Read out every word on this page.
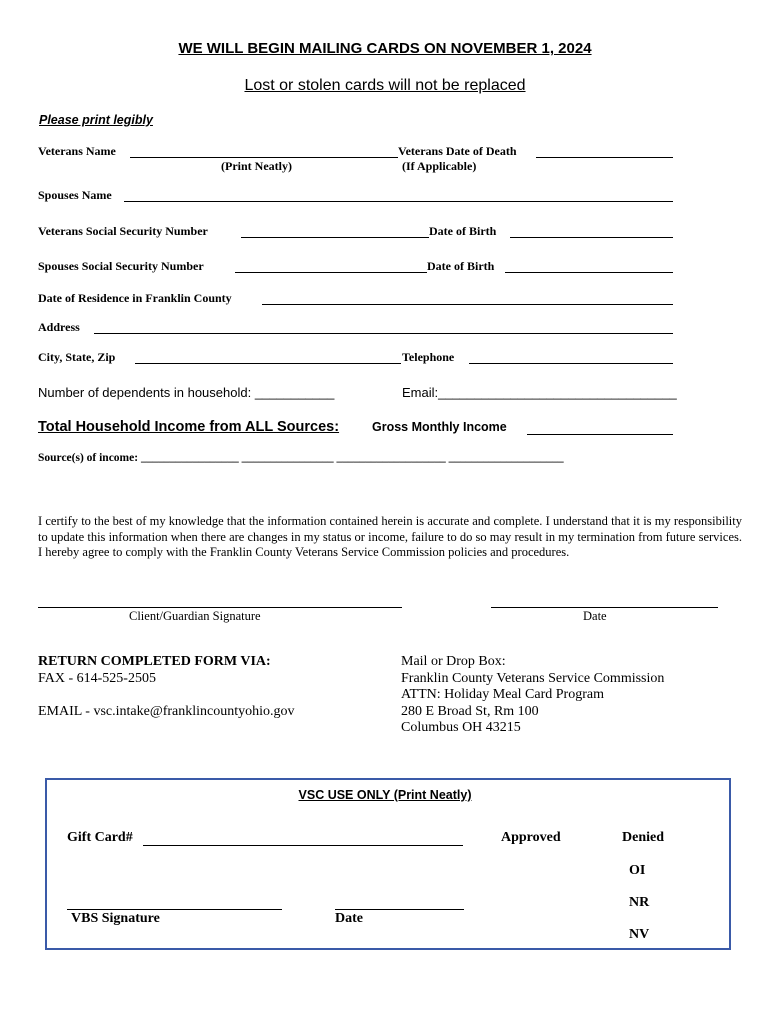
WE WILL BEGIN MAILING CARDS ON NOVEMBER 1, 2024
Lost or stolen cards will not be replaced
Please print legibly
Veterans Name	Veterans Date of Death
(Print Neatly)	(If Applicable)
Spouses Name
Veterans Social Security Number	Date of Birth
Spouses Social Security Number	Date of Birth
Date of Residence in Franklin County
Address
City, State, Zip	Telephone
Number of dependents in household: ___________	Email:_________________________________
Total Household Income from ALL Sources:	Gross Monthly Income
Source(s) of income: _________________ ________________ ___________________ ____________________
I certify to the best of my knowledge that the information contained herein is accurate and complete. I understand that it is my responsibility to update this information when there are changes in my status or income, failure to do so may result in my termination from future services. I hereby agree to comply with the Franklin County Veterans Service Commission policies and procedures.
Client/Guardian Signature	Date
RETURN COMPLETED FORM VIA:
FAX - 614-525-2505
EMAIL - vsc.intake@franklincountyohio.gov
Mail or Drop Box:
Franklin County Veterans Service Commission
ATTN: Holiday Meal Card Program
280 E Broad St, Rm 100
Columbus OH 43215
VSC USE ONLY (Print Neatly)
Gift Card#	Approved	Denied
OI
NR
NV
VBS Signature	Date
